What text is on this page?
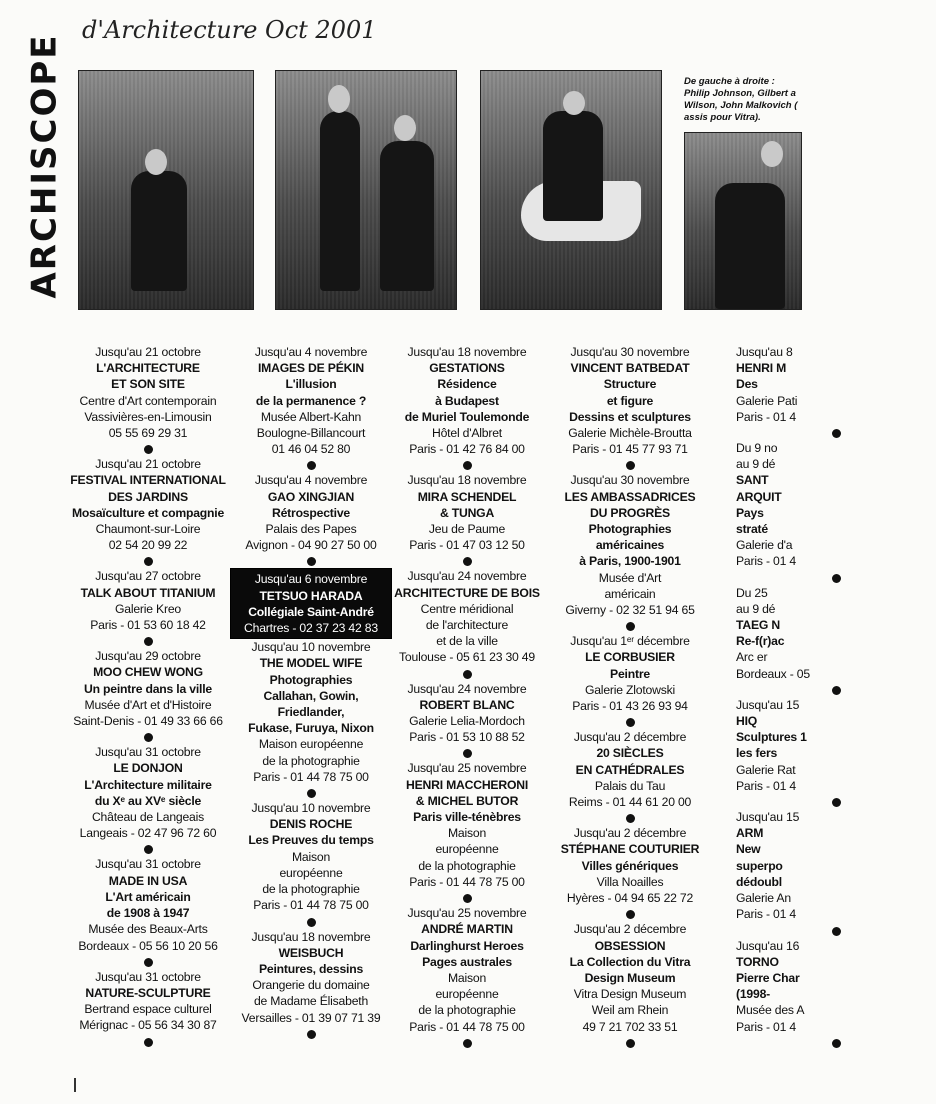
ARCHISCOPE
d'Architecture Oct 2001
De gauche à droite :
Philip Johnson, Gilbert a
Wilson, John Malkovich (
assis pour Vitra).
Jusqu'au 21 octobre
L'ARCHITECTURE
ET SON SITE
Centre d'Art contemporain
Vassivières-en-Limousin
05 55 69 29 31
Jusqu'au 21 octobre
FESTIVAL INTERNATIONAL
DES JARDINS
Mosaïculture et compagnie
Chaumont-sur-Loire
02 54 20 99 22
Jusqu'au 27 octobre
TALK ABOUT TITANIUM
Galerie Kreo
Paris - 01 53 60 18 42
Jusqu'au 29 octobre
MOO CHEW WONG
Un peintre dans la ville
Musée d'Art et d'Histoire
Saint-Denis - 01 49 33 66 66
Jusqu'au 31 octobre
LE DONJON
L'Architecture militaire
du Xᵉ au XVᵉ siècle
Château de Langeais
Langeais - 02 47 96 72 60
Jusqu'au 31 octobre
MADE IN USA
L'Art américain
de 1908 à 1947
Musée des Beaux-Arts
Bordeaux - 05 56 10 20 56
Jusqu'au 31 octobre
NATURE-SCULPTURE
Bertrand espace culturel
Mérignac - 05 56 34 30 87
Jusqu'au 4 novembre
IMAGES DE PÉKIN
L'illusion
de la permanence ?
Musée Albert-Kahn
Boulogne-Billancourt
01 46 04 52 80
Jusqu'au 4 novembre
GAO XINGJIAN
Rétrospective
Palais des Papes
Avignon - 04 90 27 50 00
Jusqu'au 6 novembre
TETSUO HARADA
Collégiale Saint-André
Chartres - 02 37 23 42 83
Jusqu'au 10 novembre
THE MODEL WIFE
Photographies
Callahan, Gowin,
Friedlander,
Fukase, Furuya, Nixon
Maison européenne
de la photographie
Paris - 01 44 78 75 00
Jusqu'au 10 novembre
DENIS ROCHE
Les Preuves du temps
Maison
européenne
de la photographie
Paris - 01 44 78 75 00
Jusqu'au 18 novembre
WEISBUCH
Peintures, dessins
Orangerie du domaine
de Madame Élisabeth
Versailles - 01 39 07 71 39
Jusqu'au 18 novembre
GESTATIONS
Résidence
à Budapest
de Muriel Toulemonde
Hôtel d'Albret
Paris - 01 42 76 84 00
Jusqu'au 18 novembre
MIRA SCHENDEL
& TUNGA
Jeu de Paume
Paris - 01 47 03 12 50
Jusqu'au 24 novembre
ARCHITECTURE DE BOIS
Centre méridional
de l'architecture
et de la ville
Toulouse - 05 61 23 30 49
Jusqu'au 24 novembre
ROBERT BLANC
Galerie Lelia-Mordoch
Paris - 01 53 10 88 52
Jusqu'au 25 novembre
HENRI MACCHERONI
& MICHEL BUTOR
Paris ville-ténèbres
Maison
européenne
de la photographie
Paris - 01 44 78 75 00
Jusqu'au 25 novembre
ANDRÉ MARTIN
Darlinghurst Heroes
Pages australes
Maison
européenne
de la photographie
Paris - 01 44 78 75 00
Jusqu'au 30 novembre
VINCENT BATBEDAT
Structure
et figure
Dessins et sculptures
Galerie Michèle-Broutta
Paris - 01 45 77 93 71
Jusqu'au 30 novembre
LES AMBASSADRICES
DU PROGRÈS
Photographies
américaines
à Paris, 1900-1901
Musée d'Art
américain
Giverny - 02 32 51 94 65
Jusqu'au 1ᵉʳ décembre
LE CORBUSIER
Peintre
Galerie Zlotowski
Paris - 01 43 26 93 94
Jusqu'au 2 décembre
20 SIÈCLES
EN CATHÉDRALES
Palais du Tau
Reims - 01 44 61 20 00
Jusqu'au 2 décembre
STÉPHANE COUTURIER
Villes génériques
Villa Noailles
Hyères - 04 94 65 22 72
Jusqu'au 2 décembre
OBSESSION
La Collection du Vitra
Design Museum
Vitra Design Museum
Weil am Rhein
49 7 21 702 33 51
Jusqu'au 8
HENRI M
Des
Galerie Pati
Paris - 01 4
Du 9 no
au 9 dé
SANT
ARQUIT
Pays
straté
Galerie d'a
Paris - 01 4
Du 25
au 9 dé
TAEG N
Re-f(r)ac
Arc er
Bordeaux - 05
Jusqu'au 15
HIQ
Sculptures 1
les fers
Galerie Rat
Paris - 01 4
Jusqu'au 15
ARM
New
superpo
dédoubl
Galerie An
Paris - 01 4
Jusqu'au 16
TORNO
Pierre Char
(1998-
Musée des A
Paris - 01 4
